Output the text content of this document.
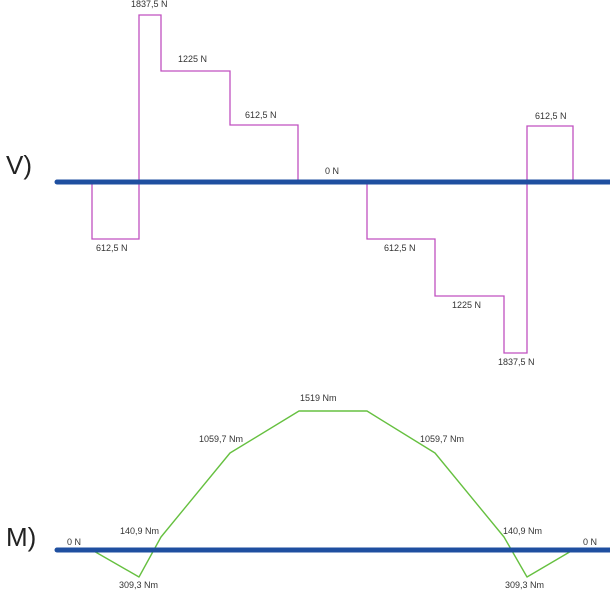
V)
1837,5 N
1225 N
612,5 N	612,5 N
0 N
612,5 N	612,5 N
1225 N
1837,5 N
M)
1519 Nm
1059,7 Nm	1059,7 Nm
140,9 Nm	140,9 Nm
0 N	0 N
309,3 Nm	309,3 Nm
